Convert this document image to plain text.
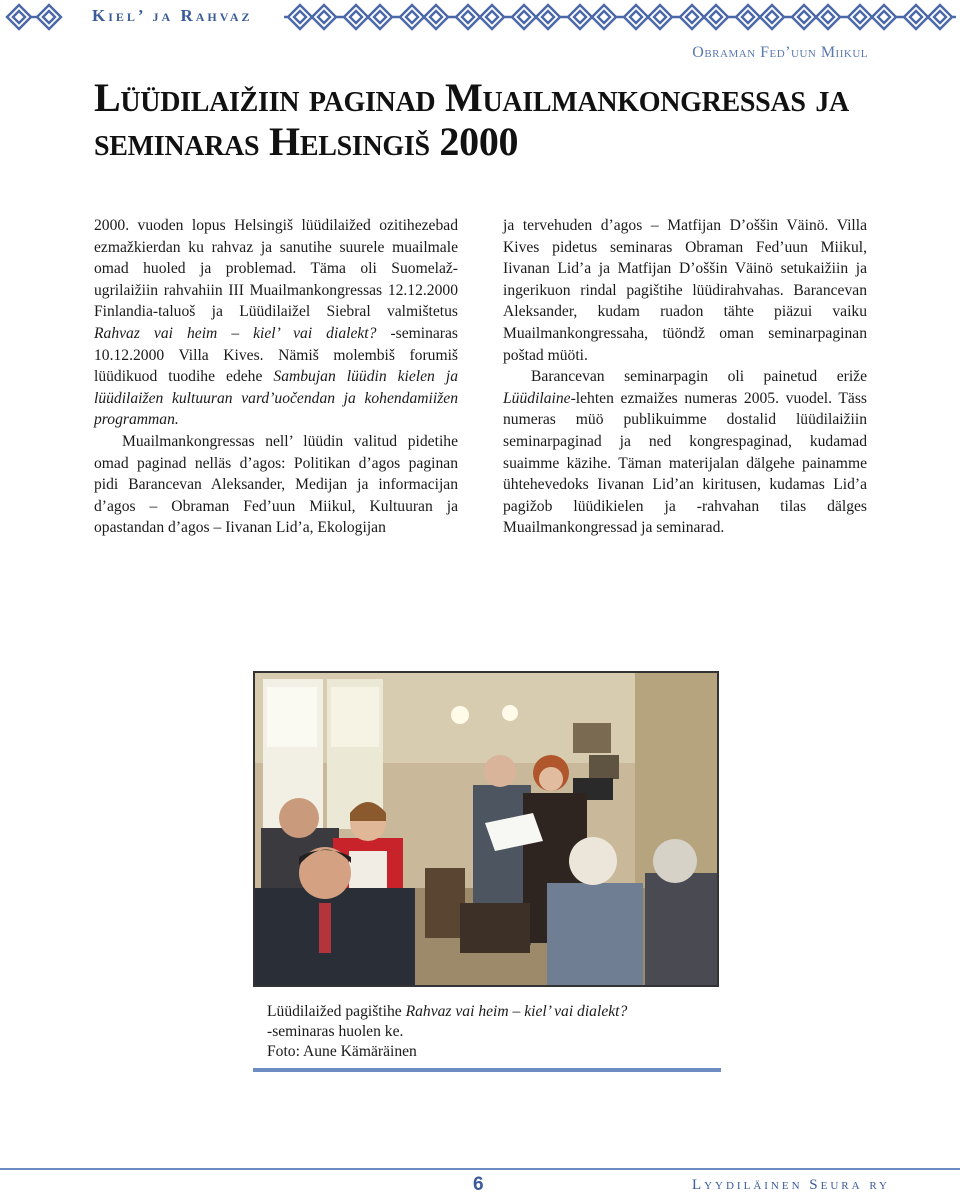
Kiel’ ja Rahvaz
Obraman Fed’uun Miikul
Lüüdilaižiin paginad Muailmankongressas ja seminaras Helsingiš 2000

2000. vuoden lopus Helsingiš lüüdilaižed ozitihezebad ezmažkierdan ku rahvaz ja sanutihe suurele muailmale omad huoled ja problemad. Täma oli Suomelaž-ugrilaižiin rahvahiin III Muailmankongressas 12.12.2000 Finlandia-taluoš ja Lüüdilaižel Siebral valmištetus Rahvaz vai heim – kiel’ vai dialekt? -seminaras 10.12.2000 Villa Kives. Nämiš molembiš forumiš lüüdikuod tuodihe edehe Sambujan lüüdin kielen ja lüüdilaižen kultuuran vard’uočendan ja kohendamiižen programman.

Muailmankongressas nell’ lüüdin valitud pidetihe omad paginad nelläs d’agos: Politikan d’agos paginan pidi Barancevan Aleksander, Medijan ja informacijan d’agos – Obraman Fed’uun Miikul, Kultuuran ja opastandan d’agos – Iivanan Lid’a, Ekologijan

ja tervehuden d’agos – Matfijan D’oššin Väinö. Villa Kives pidetus seminaras Obraman Fed’uun Miikul, Iivanan Lid’a ja Matfijan D’oššin Väinö setukaižiin ja ingerikuon rindal pagištihe lüüdirahvahas. Barancevan Aleksander, kudam ruadon tähte piäzui vaiku Muailmankongressaha, tüöndž oman seminarpaginan poštad müöti.

Barancevan seminarpagin oli painetud eriže Lüüdilaine-lehten ezmaižes numeras 2005. vuodel. Täss numeras müö publikuimme dostalid lüüdilaižiin seminarpaginad ja ned kongrespaginad, kudamad suaimme käzihe. Täman materijalan dälgehe painamme ühtehevedoks Iivanan Lid’an kiritusen, kudamas Lid’a pagižob lüüdikielen ja -rahvahan tilas dälges Muailmankongressad ja seminarad.

Lüüdilaižed pagištihe Rahvaz vai heim – kiel’ vai dialekt?
-seminaras huolen ke.
Foto: Aune Kämäräinen
6	Lyydiläinen Seura ry
